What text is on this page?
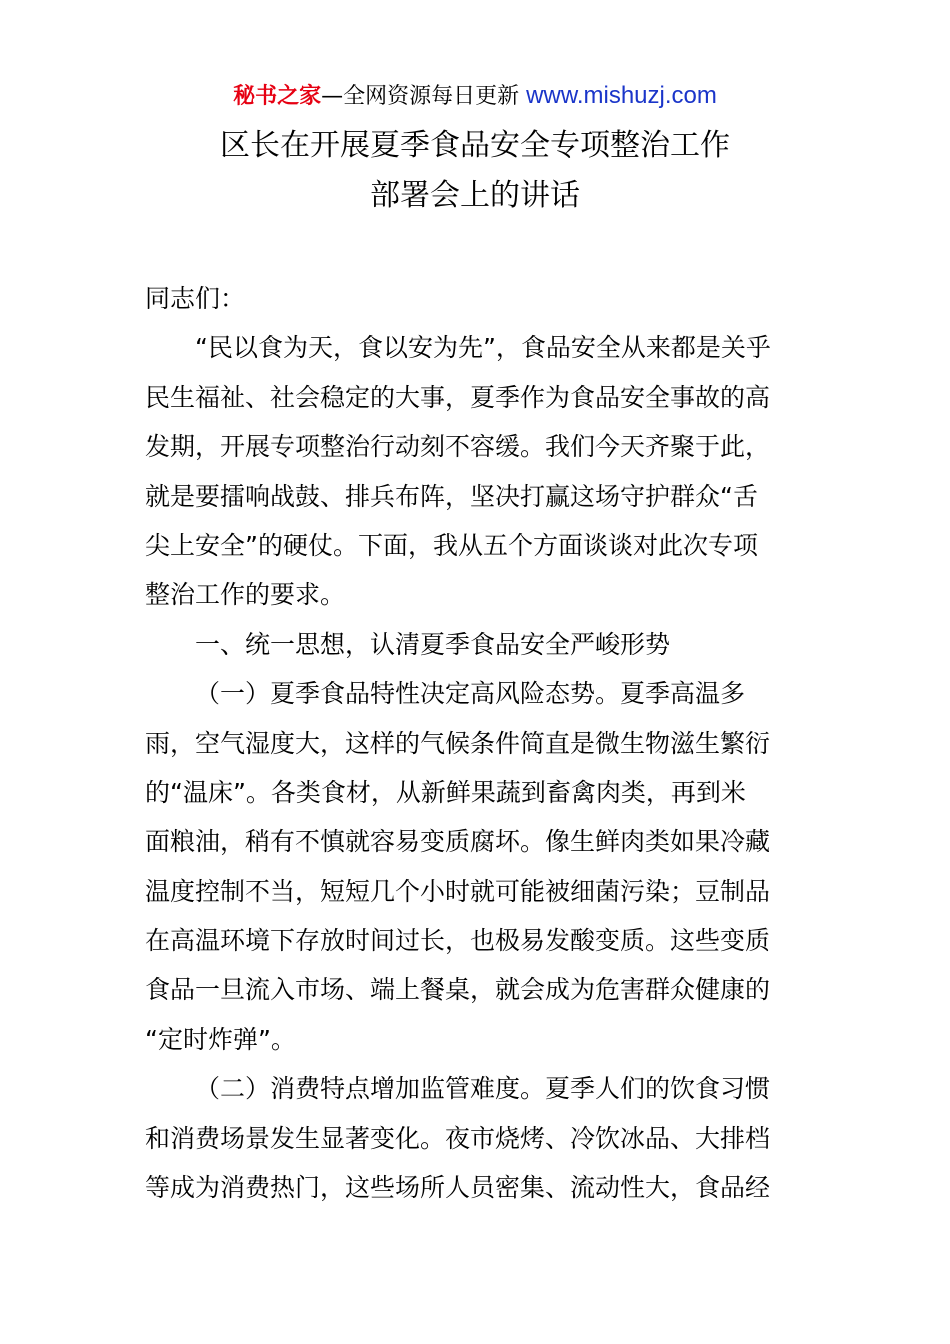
秘书之家—全网资源每日更新 www.mishuzj.com
区长在开展夏季食品安全专项整治工作
部署会上的讲话
同志们：
“民以食为天，食以安为先”，食品安全从来都是关乎
民生福祉、社会稳定的大事，夏季作为食品安全事故的高
发期，开展专项整治行动刻不容缓。我们今天齐聚于此，
就是要擂响战鼓、排兵布阵，坚决打赢这场守护群众“舌
尖上安全”的硬仗。下面，我从五个方面谈谈对此次专项
整治工作的要求。
一、统一思想，认清夏季食品安全严峻形势
（一）夏季食品特性决定高风险态势。夏季高温多
雨，空气湿度大，这样的气候条件简直是微生物滋生繁衍
的“温床”。各类食材，从新鲜果蔬到畜禽肉类，再到米
面粮油，稍有不慎就容易变质腐坏。像生鲜肉类如果冷藏
温度控制不当，短短几个小时就可能被细菌污染；豆制品
在高温环境下存放时间过长，也极易发酸变质。这些变质
食品一旦流入市场、端上餐桌，就会成为危害群众健康的
“定时炸弹”。
（二）消费特点增加监管难度。夏季人们的饮食习惯
和消费场景发生显著变化。夜市烧烤、冷饮冰品、大排档
等成为消费热门，这些场所人员密集、流动性大，食品经
